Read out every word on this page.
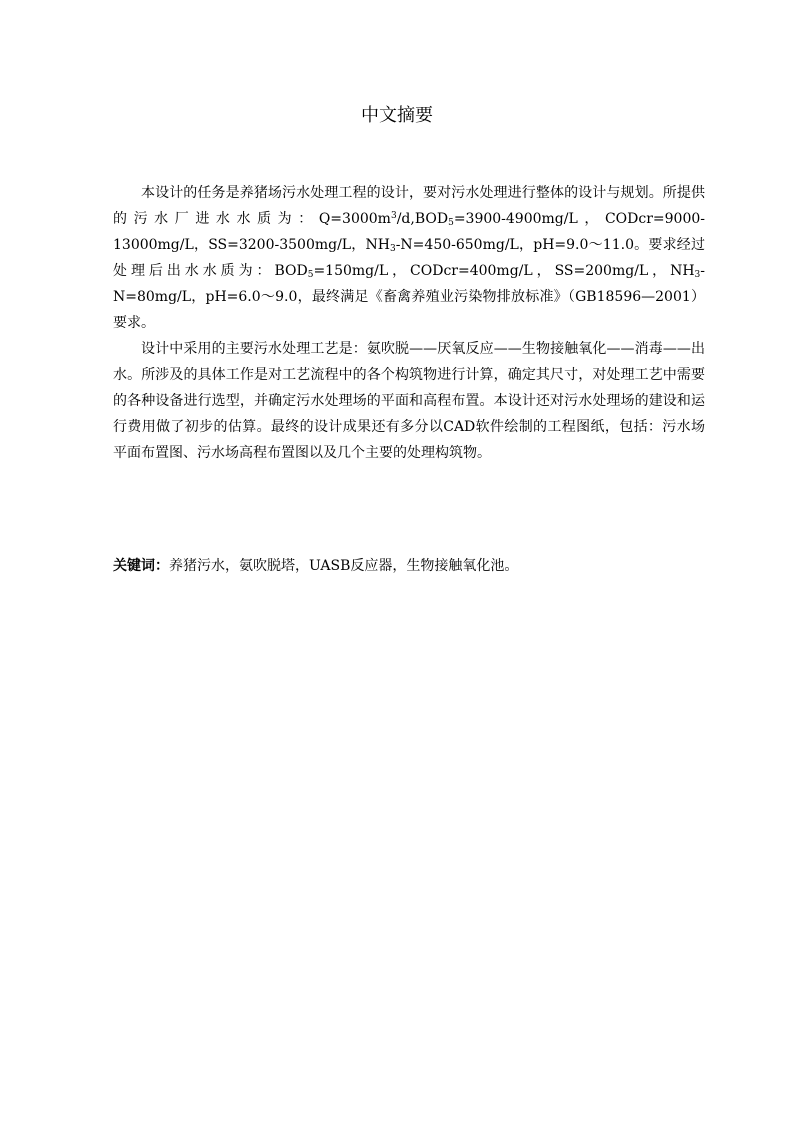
中文摘要

本设计的任务是养猪场污水处理工程的设计，要对污水处理进行整体的设计与规划。所提供的污水厂进水水质为：$Q=3000m^3/d,BOD_5=3900-4900mg/L$，CODcr=9000-13000mg/L，SS=3200-3500mg/L，$NH_3-N=450-650mg/L$，pH=9.0～11.0。要求经过处理后出水水质为：$BOD_5=150mg/L$，CODcr=400mg/L，SS=200mg/L，$NH_3-N=80mg/L$，pH=6.0～9.0，最终满足《畜禽养殖业污染物排放标准》（GB18596—2001）要求。

设计中采用的主要污水处理工艺是：氨吹脱——厌氧反应——生物接触氧化——消毒——出水。所涉及的具体工作是对工艺流程中的各个构筑物进行计算，确定其尺寸，对处理工艺中需要的各种设备进行选型，并确定污水处理场的平面和高程布置。本设计还对污水处理场的建设和运行费用做了初步的估算。最终的设计成果还有多分以CAD软件绘制的工程图纸，包括：污水场平面布置图、污水场高程布置图以及几个主要的处理构筑物。

关键词：养猪污水，氨吹脱塔，UASB反应器，生物接触氧化池。
